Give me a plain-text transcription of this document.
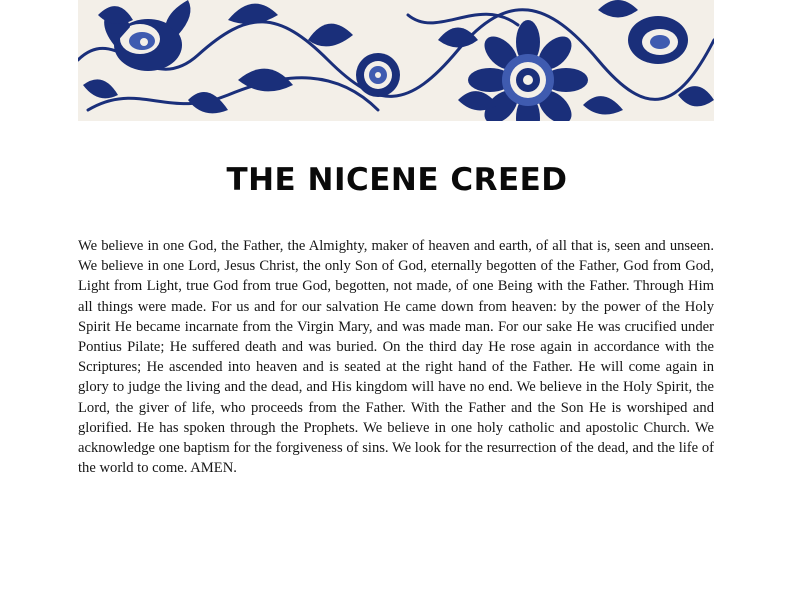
THE NICENE CREED

We believe in one God, the Father, the Almighty, maker of heaven and earth, of all that is, seen and unseen. We believe in one Lord, Jesus Christ, the only Son of God, eternally begotten of the Father, God from God, Light from Light, true God from true God, begotten, not made, of one Being with the Father. Through Him all things were made. For us and for our salvation He came down from heaven: by the power of the Holy Spirit He became incarnate from the Virgin Mary, and was made man. For our sake He was crucified under Pontius Pilate; He suffered death and was buried. On the third day He rose again in accordance with the Scriptures; He ascended into heaven and is seated at the right hand of the Father. He will come again in glory to judge the living and the dead, and His kingdom will have no end. We believe in the Holy Spirit, the Lord, the giver of life, who proceeds from the Father. With the Father and the Son He is worshiped and glorified. He has spoken through the Prophets. We believe in one holy catholic and apostolic Church. We acknowledge one baptism for the forgiveness of sins. We look for the resurrection of the dead, and the life of the world to come. AMEN.
